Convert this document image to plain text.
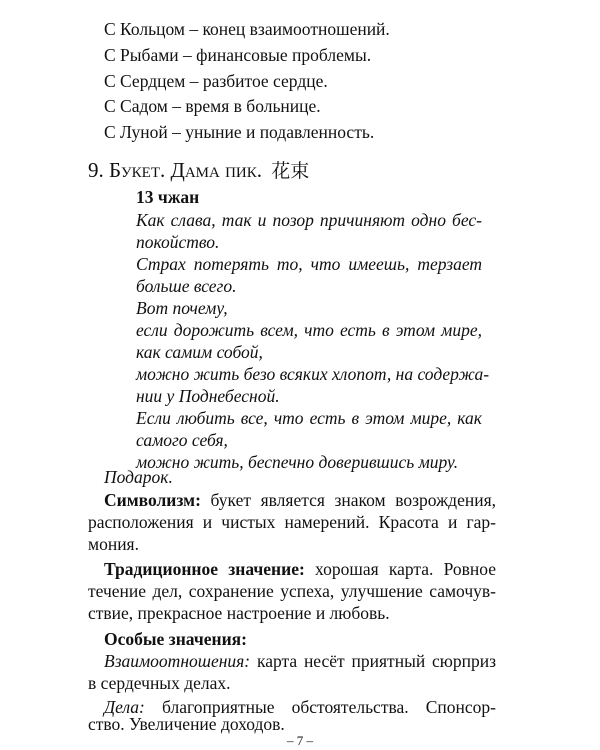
С Кольцом – конец взаимоотношений.
С Рыбами – финансовые проблемы.
С Сердцем – разбитое сердце.
С Садом – время в больнице.
С Луной – уныние и подавленность.
9. Букет. Дама пик. 花束
13 чжан
Как слава, так и позор причиняют одно бес-
покойство.
Страх потерять то, что имеешь, терзает
больше всего.
Вот почему,
если дорожить всем, что есть в этом мире,
как самим собой,
можно жить безо всяких хлопот, на содержа-
нии у Поднебесной.
Если любить все, что есть в этом мире, как
самого себя,
можно жить, беспечно доверившись миру.
Подарок.
Символизм: букет является знаком возрождения,
расположения и чистых намерений. Красота и гар-
мония.
Традиционное значение: хорошая карта. Ровное
течение дел, сохранение успеха, улучшение самочув-
ствие, прекрасное настроение и любовь.
Особые значения:
Взаимоотношения: карта несёт приятный сюрприз
в сердечных делах.
– 7 –
Дела: благоприятные обстоятельства. Спонсор-
ство. Увеличение доходов.
